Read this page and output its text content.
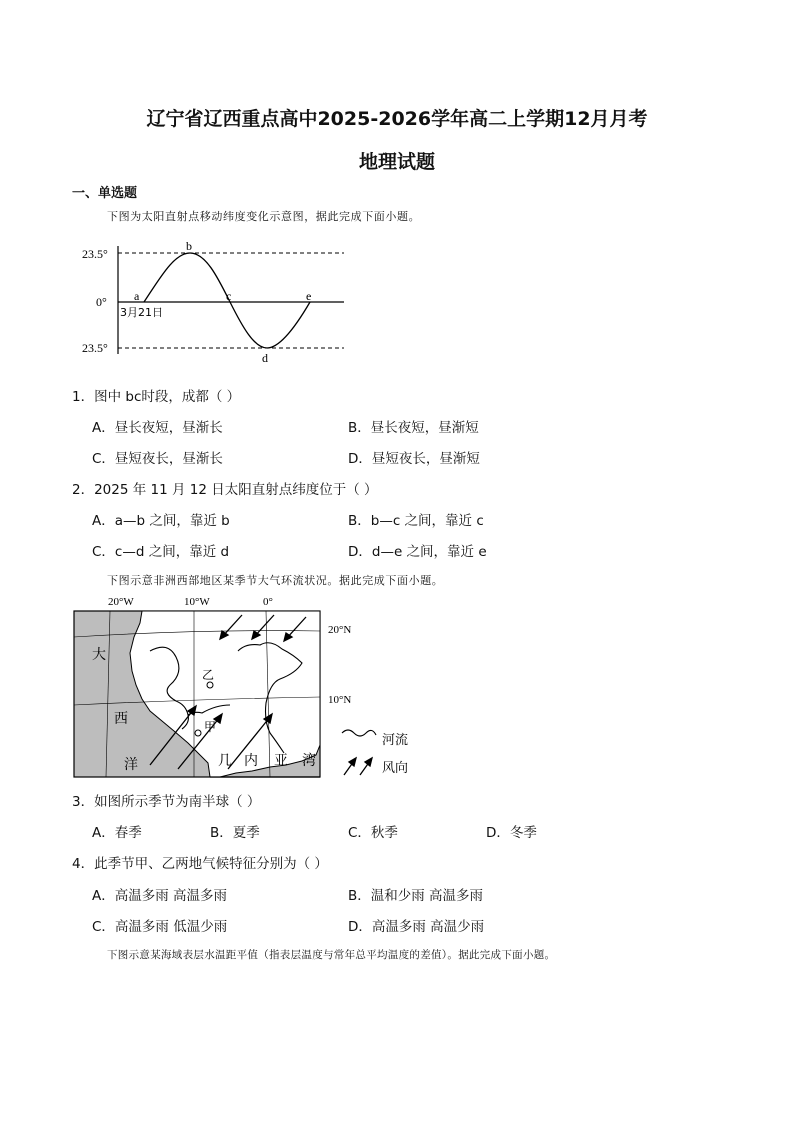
辽宁省辽西重点高中2025-2026学年高二上学期12月月考
地理试题
一、单选题
下图为太阳直射点移动纬度变化示意图，据此完成下面小题。
23.5°
0°
23.5°
a
b
c
d
e
3月21日
1．图中 bc时段，成都（ ）
A．昼长夜短，昼渐长	B．昼长夜短，昼渐短
C．昼短夜长，昼渐长	D．昼短夜长，昼渐短
2．2025 年 11 月 12 日太阳直射点纬度位于（ ）
A．a—b 之间，靠近 b	B．b—c 之间，靠近 c
C．c—d 之间，靠近 d	D．d—e 之间，靠近 e
下图示意非洲西部地区某季节大气环流状况。据此完成下面小题。
20°W	10°W	0°
20°N
10°N
乙
甲
大
西
洋	几 内 亚 湾
河流
风向
3．如图所示季节为南半球（ ）
A．春季	B．夏季	C．秋季	D．冬季
4．此季节甲、乙两地气候特征分别为（ ）
A．高温多雨 高温多雨	B．温和少雨 高温多雨
C．高温多雨 低温少雨	D．高温多雨 高温少雨
下图示意某海域表层水温距平值（指表层温度与常年总平均温度的差值）。据此完成下面小题。
